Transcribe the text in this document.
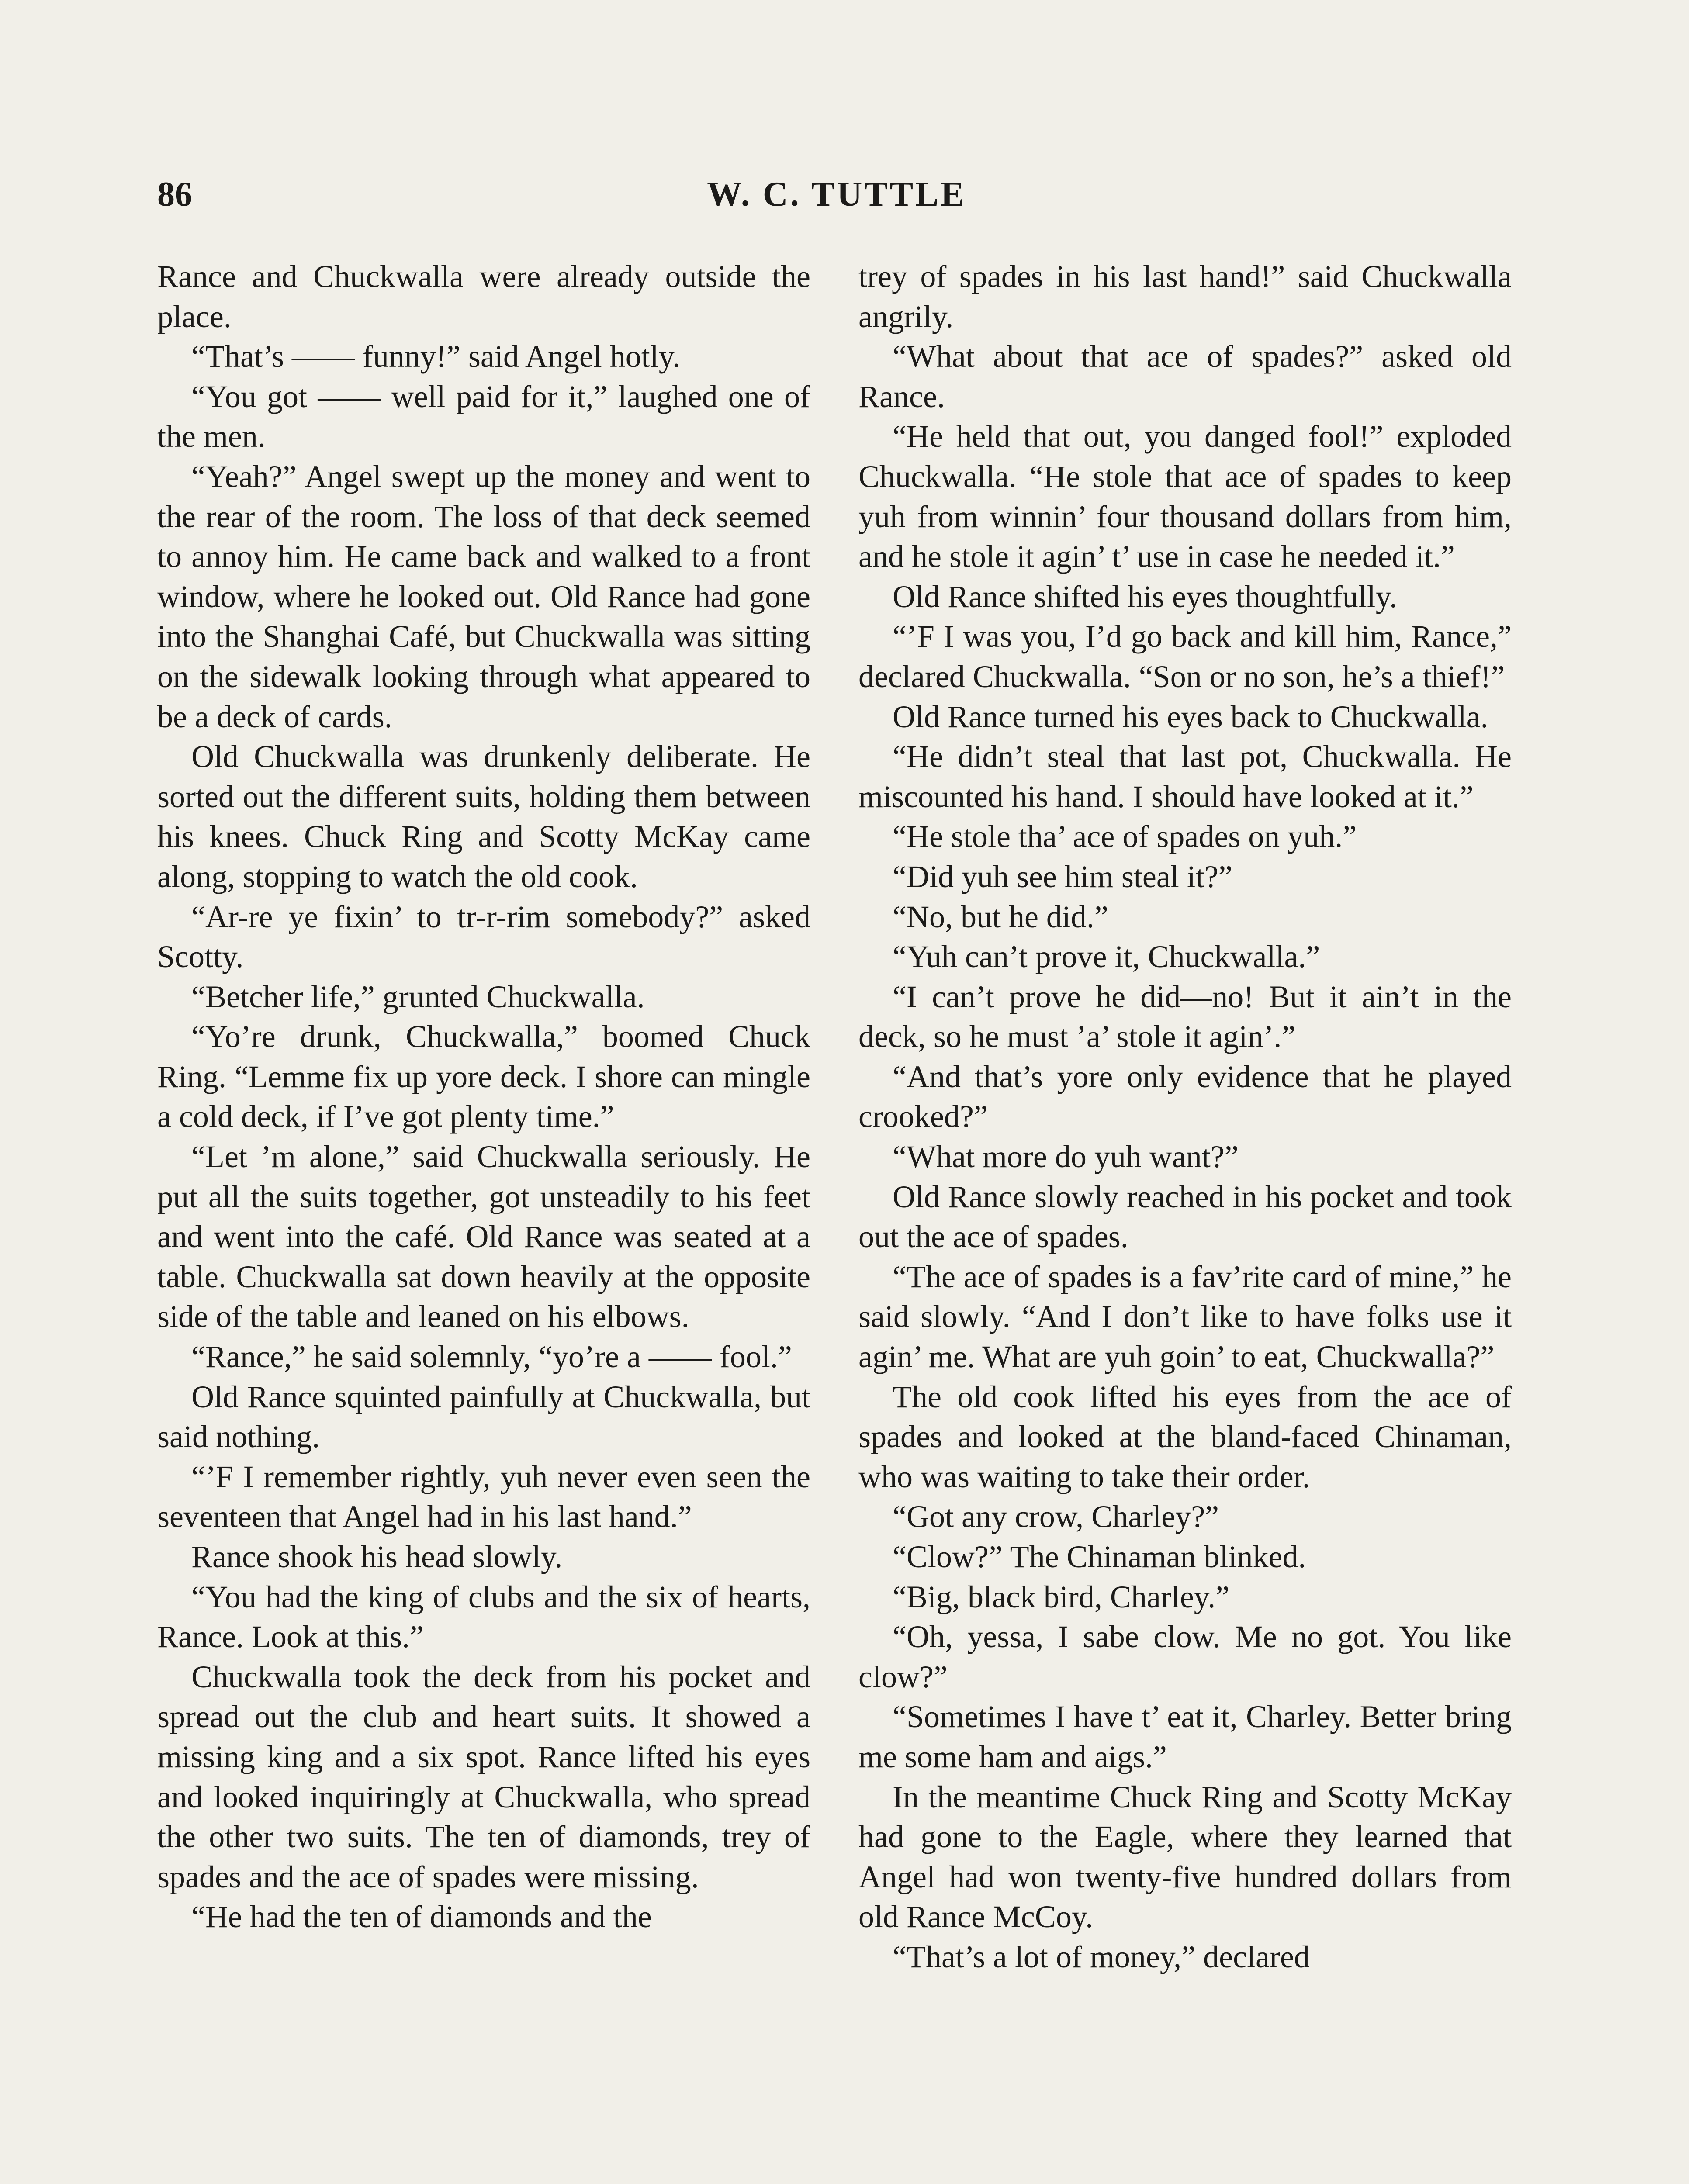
86	W. C. TUTTLE

Rance and Chuckwalla were already outside the place.

“That’s —— funny!” said Angel hotly.

“You got —— well paid for it,” laughed one of the men.

“Yeah?” Angel swept up the money and went to the rear of the room. The loss of that deck seemed to annoy him. He came back and walked to a front window, where he looked out. Old Rance had gone into the Shanghai Café, but Chuckwalla was sitting on the sidewalk looking through what appeared to be a deck of cards.

Old Chuckwalla was drunkenly deliberate. He sorted out the different suits, holding them between his knees. Chuck Ring and Scotty McKay came along, stopping to watch the old cook.

“Ar-re ye fixin’ to tr-r-rim somebody?” asked Scotty.

“Betcher life,” grunted Chuckwalla.

“Yo’re drunk, Chuckwalla,” boomed Chuck Ring. “Lemme fix up yore deck. I shore can mingle a cold deck, if I’ve got plenty time.”

“Let ’m alone,” said Chuckwalla seriously. He put all the suits together, got unsteadily to his feet and went into the café. Old Rance was seated at a table. Chuckwalla sat down heavily at the opposite side of the table and leaned on his elbows.

“Rance,” he said solemnly, “yo’re a —— fool.”

Old Rance squinted painfully at Chuckwalla, but said nothing.

“’F I remember rightly, yuh never even seen the seventeen that Angel had in his last hand.”

Rance shook his head slowly.

“You had the king of clubs and the six of hearts, Rance. Look at this.”

Chuckwalla took the deck from his pocket and spread out the club and heart suits. It showed a missing king and a six spot. Rance lifted his eyes and looked inquiringly at Chuckwalla, who spread the other two suits. The ten of diamonds, trey of spades and the ace of spades were missing.

“He had the ten of diamonds and the

trey of spades in his last hand!” said Chuckwalla angrily.

“What about that ace of spades?” asked old Rance.

“He held that out, you danged fool!” exploded Chuckwalla. “He stole that ace of spades to keep yuh from winnin’ four thousand dollars from him, and he stole it agin’ t’ use in case he needed it.”

Old Rance shifted his eyes thoughtfully.

“’F I was you, I’d go back and kill him, Rance,” declared Chuckwalla. “Son or no son, he’s a thief!”

Old Rance turned his eyes back to Chuckwalla.

“He didn’t steal that last pot, Chuckwalla. He miscounted his hand. I should have looked at it.”

“He stole tha’ ace of spades on yuh.”

“Did yuh see him steal it?”

“No, but he did.”

“Yuh can’t prove it, Chuckwalla.”

“I can’t prove he did—no! But it ain’t in the deck, so he must ’a’ stole it agin’.”

“And that’s yore only evidence that he played crooked?”

“What more do yuh want?”

Old Rance slowly reached in his pocket and took out the ace of spades.

“The ace of spades is a fav’rite card of mine,” he said slowly. “And I don’t like to have folks use it agin’ me. What are yuh goin’ to eat, Chuckwalla?”

The old cook lifted his eyes from the ace of spades and looked at the bland-faced Chinaman, who was waiting to take their order.

“Got any crow, Charley?”

“Clow?” The Chinaman blinked.

“Big, black bird, Charley.”

“Oh, yessa, I sabe clow. Me no got. You like clow?”

“Sometimes I have t’ eat it, Charley. Better bring me some ham and aigs.”

In the meantime Chuck Ring and Scotty McKay had gone to the Eagle, where they learned that Angel had won twenty-five hundred dollars from old Rance McCoy.

“That’s a lot of money,” declared
